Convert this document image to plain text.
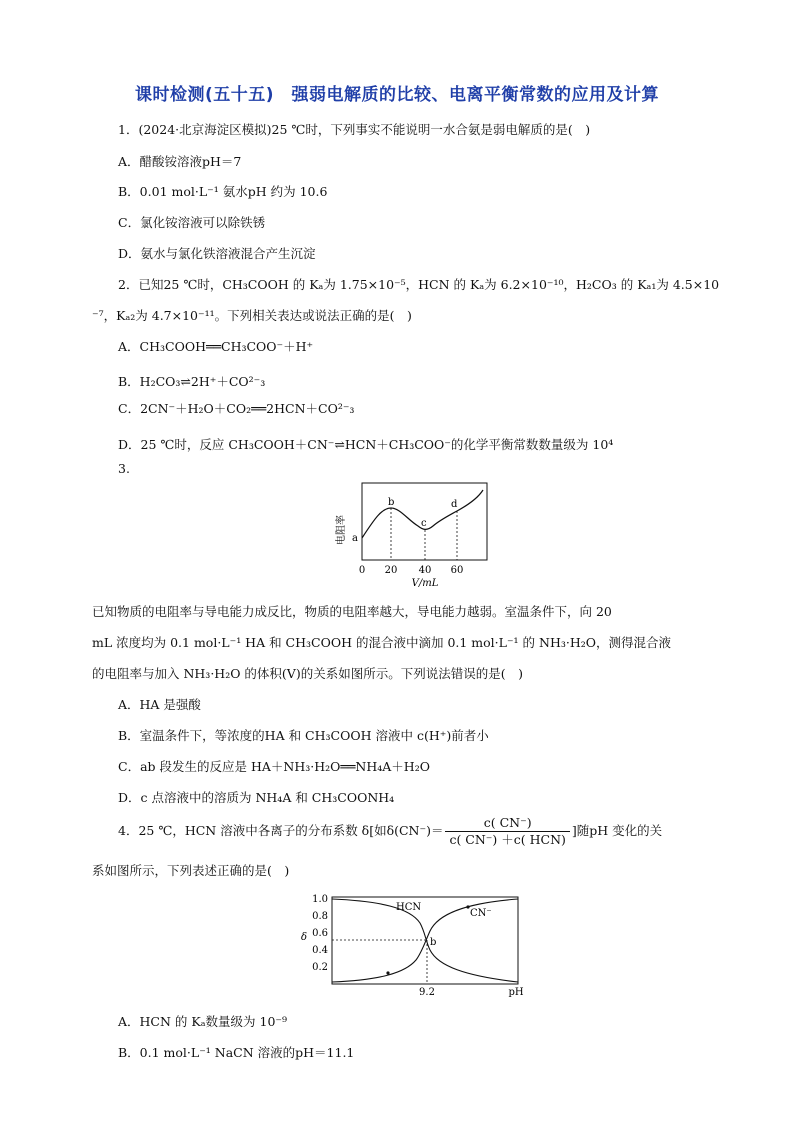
课时检测(五十五)　强弱电解质的比较、电离平衡常数的应用及计算
1．(2024·北京海淀区模拟)25 ℃时，下列事实不能说明一水合氨是弱电解质的是(　)
A．醋酸铵溶液pH＝7
B．0.01 mol·L⁻¹ 氨水pH 约为 10.6
C．氯化铵溶液可以除铁锈
D．氨水与氯化铁溶液混合产生沉淀
2．已知25 ℃时，CH₃COOH 的 Kₐ为 1.75×10⁻⁵，HCN 的 Kₐ为 6.2×10⁻¹⁰，H₂CO₃ 的 Kₐ₁为 4.5×10
⁻⁷，Kₐ₂为 4.7×10⁻¹¹。下列相关表达或说法正确的是(　)
A．CH₃COOH══CH₃COO⁻＋H⁺
B．H₂CO₃⇌2H⁺＋CO²⁻₃
C．2CN⁻＋H₂O＋CO₂══2HCN＋CO²⁻₃
D．25 ℃时，反应 CH₃COOH＋CN⁻⇌HCN＋CH₃COO⁻的化学平衡常数数量级为 10⁴
3.
电阻率 a
b
c
d
0 20 40 60
V/mL
已知物质的电阻率与导电能力成反比，物质的电阻率越大，导电能力越弱。室温条件下，向 20
mL 浓度均为 0.1 mol·L⁻¹ HA 和 CH₃COOH 的混合液中滴加 0.1 mol·L⁻¹ 的 NH₃·H₂O，测得混合液
的电阻率与加入 NH₃·H₂O 的体积(V)的关系如图所示。下列说法错误的是(　)
A．HA 是强酸
B．室温条件下，等浓度的HA 和 CH₃COOH 溶液中 c(H⁺)前者小
C．ab 段发生的反应是 HA＋NH₃·H₂O══NH₄A＋H₂O
D．c 点溶液中的溶质为 NH₄A 和 CH₃COONH₄
4．25 ℃，HCN 溶液中各离子的分布系数 δ[如$\delta(CN^-)= \frac{c( CN^-)}{\text{c( CN⁻) ＋c( HCN)}}$ ]随pH 变化的关
系如图所示，下列表述正确的是(　)
δ
1.0
0.8
0.6
0.4
0.2
HCN
CN⁻
b
9.2	pH
A．HCN 的 Kₐ数量级为 10⁻⁹
B．0.1 mol·L⁻¹ NaCN 溶液的pH＝11.1
